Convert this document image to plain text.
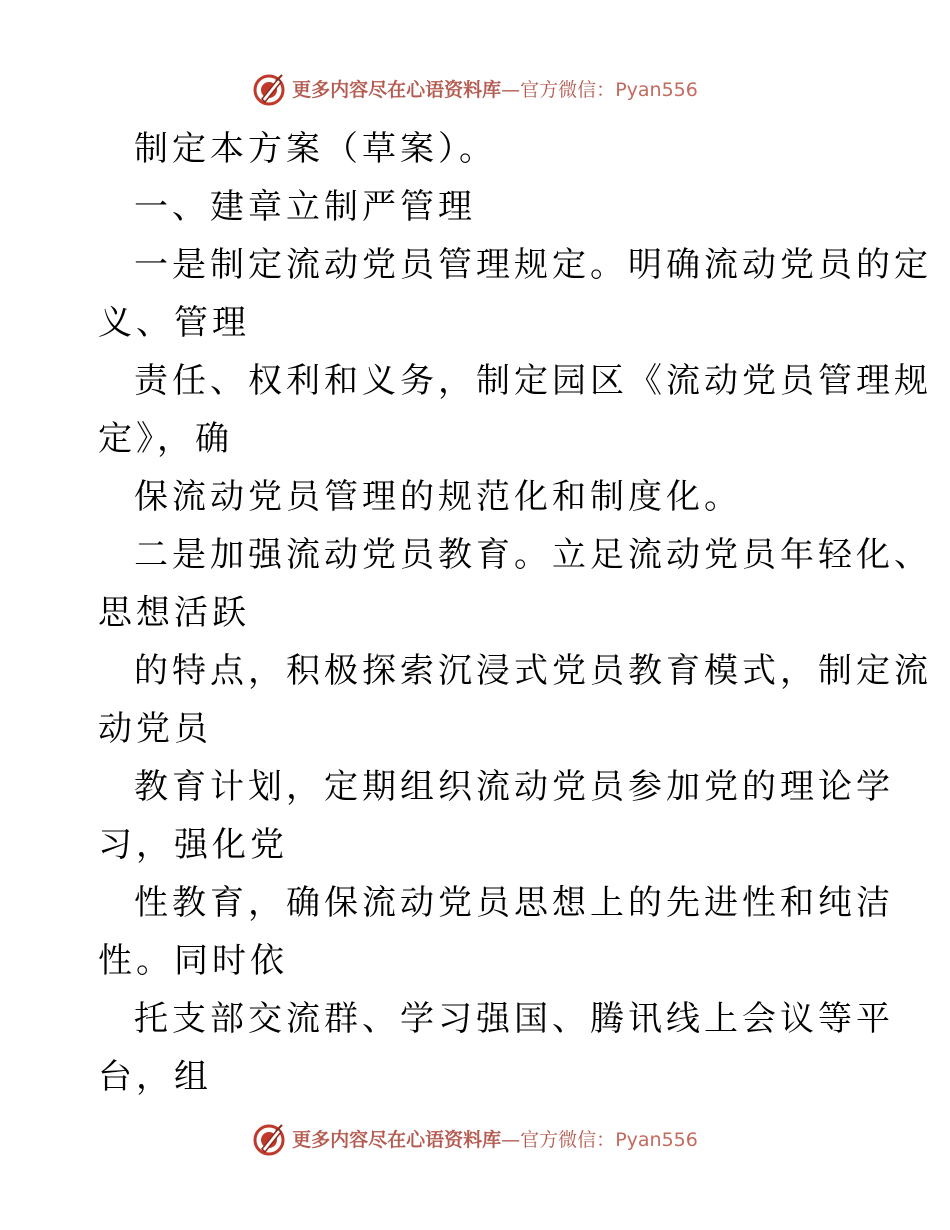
更多内容尽在心语资料库—官方微信：Pyan556
制定本方案（草案）。
一、建章立制严管理
一是制定流动党员管理规定。明确流动党员的定
义、管理
责任、权利和义务，制定园区《流动党员管理规
定》，确
保流动党员管理的规范化和制度化。
二是加强流动党员教育。立足流动党员年轻化、
思想活跃
的特点，积极探索沉浸式党员教育模式，制定流
动党员
教育计划，定期组织流动党员参加党的理论学
习，强化党
性教育，确保流动党员思想上的先进性和纯洁
性。同时依
托支部交流群、学习强国、腾讯线上会议等平
台，组
更多内容尽在心语资料库—官方微信：Pyan556
